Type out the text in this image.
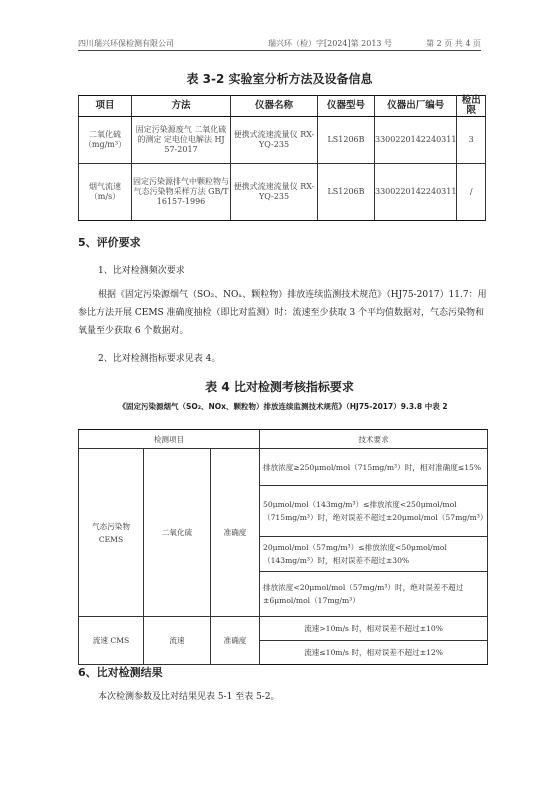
四川瑞兴环保检测有限公司	瑞兴环（检）字[2024]第 2013 号	第 2 页 共 4 页
表 3-2 实验室分析方法及设备信息
项目	方法	仪器名称	仪器型号	仪器出厂编号	检出限
二氧化硫（mg/m³）	固定污染源废气 二氧化硫的测定 定电位电解法 HJ 57-2017	便携式流速流量仪 RX-YQ-235	LS1206B	3300220142240311	3
烟气流速（m/s）	固定污染源排气中颗粒物与气态污染物采样方法 GB/T 16157-1996	便携式流速流量仪 RX-YQ-235	LS1206B	3300220142240311	/
5、评价要求
1、比对检测频次要求
根据《固定污染源烟气（SO₂、NOₓ、颗粒物）排放连续监测技术规范》（HJ75-2017）11.7：用参比方法开展 CEMS 准确度抽检（即比对监测）时：流速至少获取 3 个平均值数据对，气态污染物和氧量至少获取 6 个数据对。
2、比对检测指标要求见表 4。
表 4 比对检测考核指标要求
《固定污染源烟气（SO₂、NOx、颗粒物）排放连续监测技术规范》（HJ75-2017）9.3.8 中表 2
检测项目			技术要求
气态污染物 CEMS	二氧化硫	准确度	排放浓度≥250μmol/mol（715mg/m³）时，相对准确度≤15%
			50μmol/mol（143mg/m³）≤排放浓度<250μmol/mol（715mg/m³）时，绝对误差不超过±20μmol/mol（57mg/m³）
			20μmol/mol（57mg/m³）≤排放浓度<50μmol/mol（143mg/m³）时，相对误差不超过±30%
			排放浓度<20μmol/mol（57mg/m³）时，绝对误差不超过±6μmol/mol（17mg/m³）
流速 CMS	流速	准确度	流速>10m/s 时，相对误差不超过±10%
			流速≤10m/s 时，相对误差不超过±12%
6、比对检测结果
本次检测参数及比对结果见表 5-1 至表 5-2。
